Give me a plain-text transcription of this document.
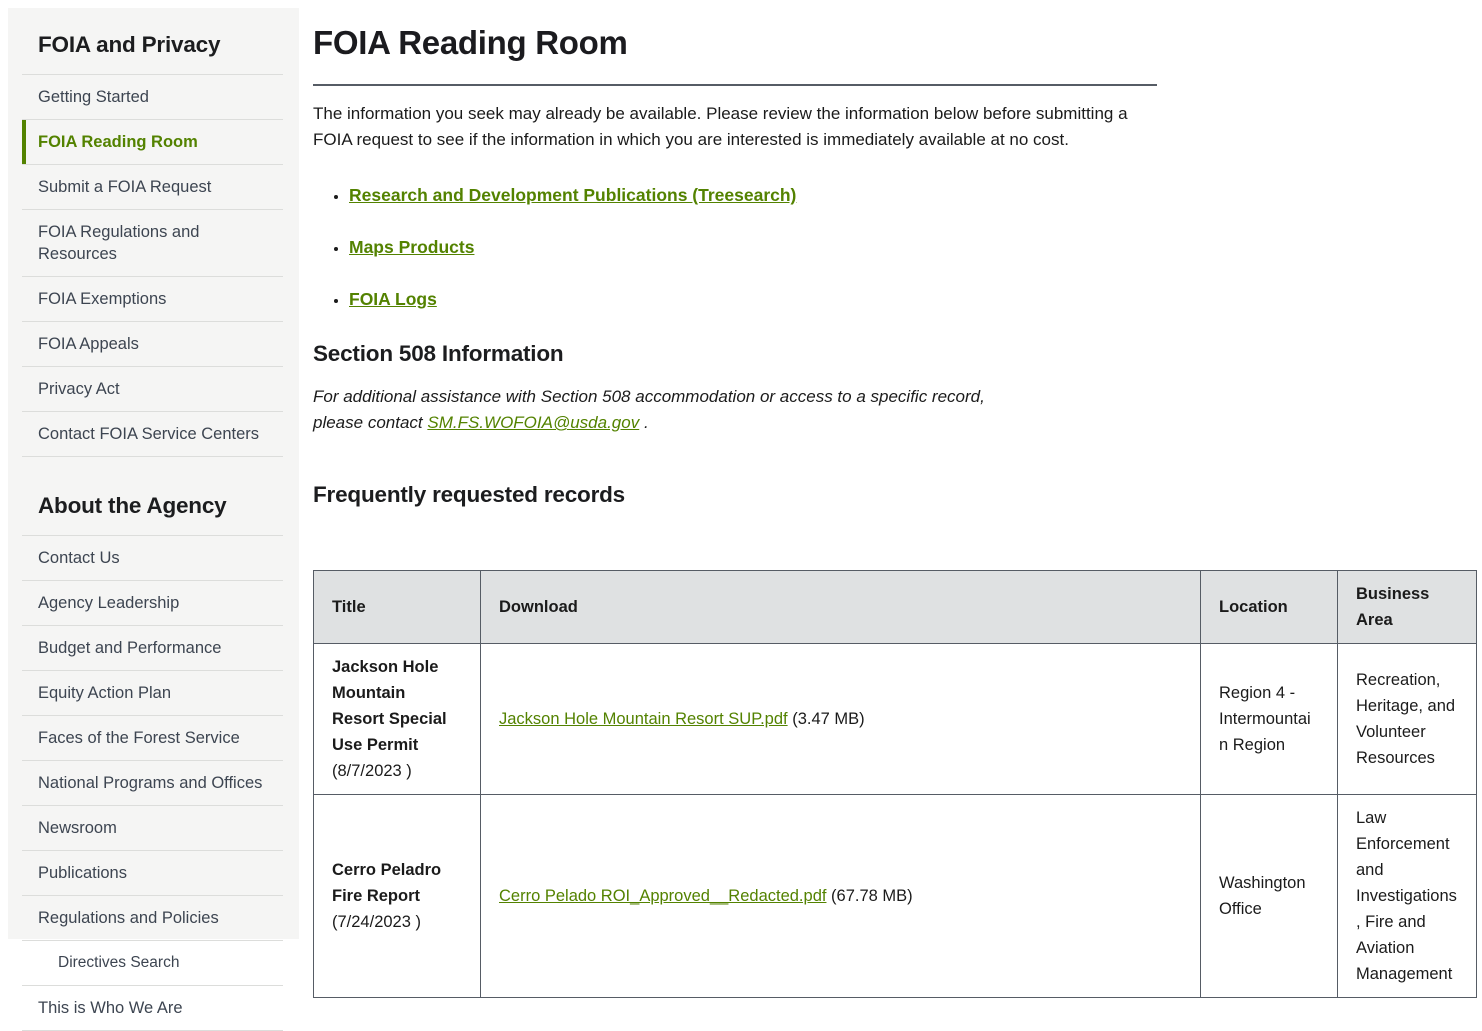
FOIA and Privacy
Getting Started
FOIA Reading Room
Submit a FOIA Request
FOIA Regulations and Resources
FOIA Exemptions
FOIA Appeals
Privacy Act
Contact FOIA Service Centers
About the Agency
Contact Us
Agency Leadership
Budget and Performance
Equity Action Plan
Faces of the Forest Service
National Programs and Offices
Newsroom
Publications
Regulations and Policies
Directives Search
This is Who We Are
FOIA Reading Room

The information you seek may already be available. Please review the information below before submitting a FOIA request to see if the information in which you are interested is immediately available at no cost.

• Research and Development Publications (Treesearch)
• Maps Products
• FOIA Logs
Section 508 Information

For additional assistance with Section 508 accommodation or access to a specific record, please contact SM.FS.WOFOIA@usda.gov .

Frequently requested records
Title	Download	Location	Business Area
Jackson Hole Mountain Resort Special Use Permit (8/7/2023 )	Jackson Hole Mountain Resort SUP.pdf (3.47 MB)	Region 4 - Intermountain Region	Recreation, Heritage, and Volunteer Resources
Cerro Peladro Fire Report (7/24/2023 )	Cerro Pelado ROI_Approved__Redacted.pdf (67.78 MB)	Washington Office	Law Enforcement and Investigations, Fire and Aviation Management
